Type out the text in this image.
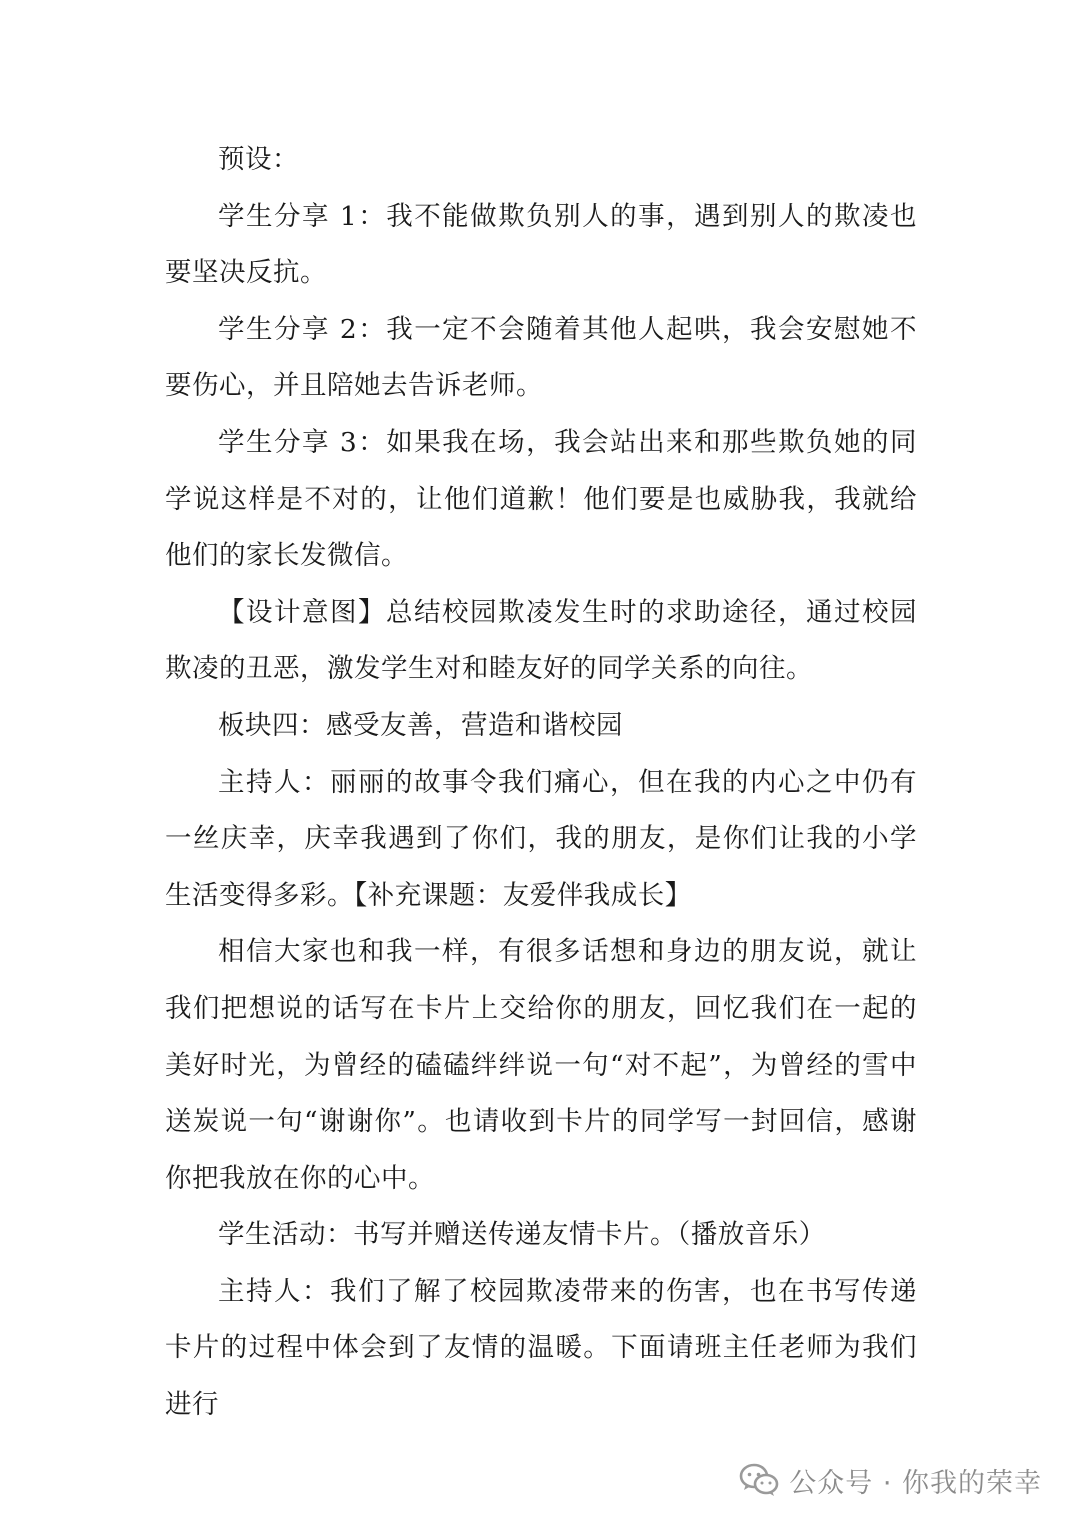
预设：

学生分享 1：我不能做欺负别人的事，遇到别人的欺凌也要坚决反抗。

学生分享 2：我一定不会随着其他人起哄，我会安慰她不要伤心，并且陪她去告诉老师。

学生分享 3：如果我在场，我会站出来和那些欺负她的同学说这样是不对的，让他们道歉！他们要是也威胁我，我就给他们的家长发微信。

【设计意图】总结校园欺凌发生时的求助途径，通过校园欺凌的丑恶，激发学生对和睦友好的同学关系的向往。

板块四：感受友善，营造和谐校园

主持人：丽丽的故事令我们痛心，但在我的内心之中仍有一丝庆幸，庆幸我遇到了你们，我的朋友，是你们让我的小学生活变得多彩。【补充课题：友爱伴我成长】

相信大家也和我一样，有很多话想和身边的朋友说，就让我们把想说的话写在卡片上交给你的朋友，回忆我们在一起的美好时光，为曾经的磕磕绊绊说一句“对不起”，为曾经的雪中送炭说一句“谢谢你”。也请收到卡片的同学写一封回信，感谢你把我放在你的心中。

学生活动：书写并赠送传递友情卡片。（播放音乐）

主持人：我们了解了校园欺凌带来的伤害，也在书写传递卡片的过程中体会到了友情的温暖。下面请班主任老师为我们进行

公众号 · 你我的荣幸
